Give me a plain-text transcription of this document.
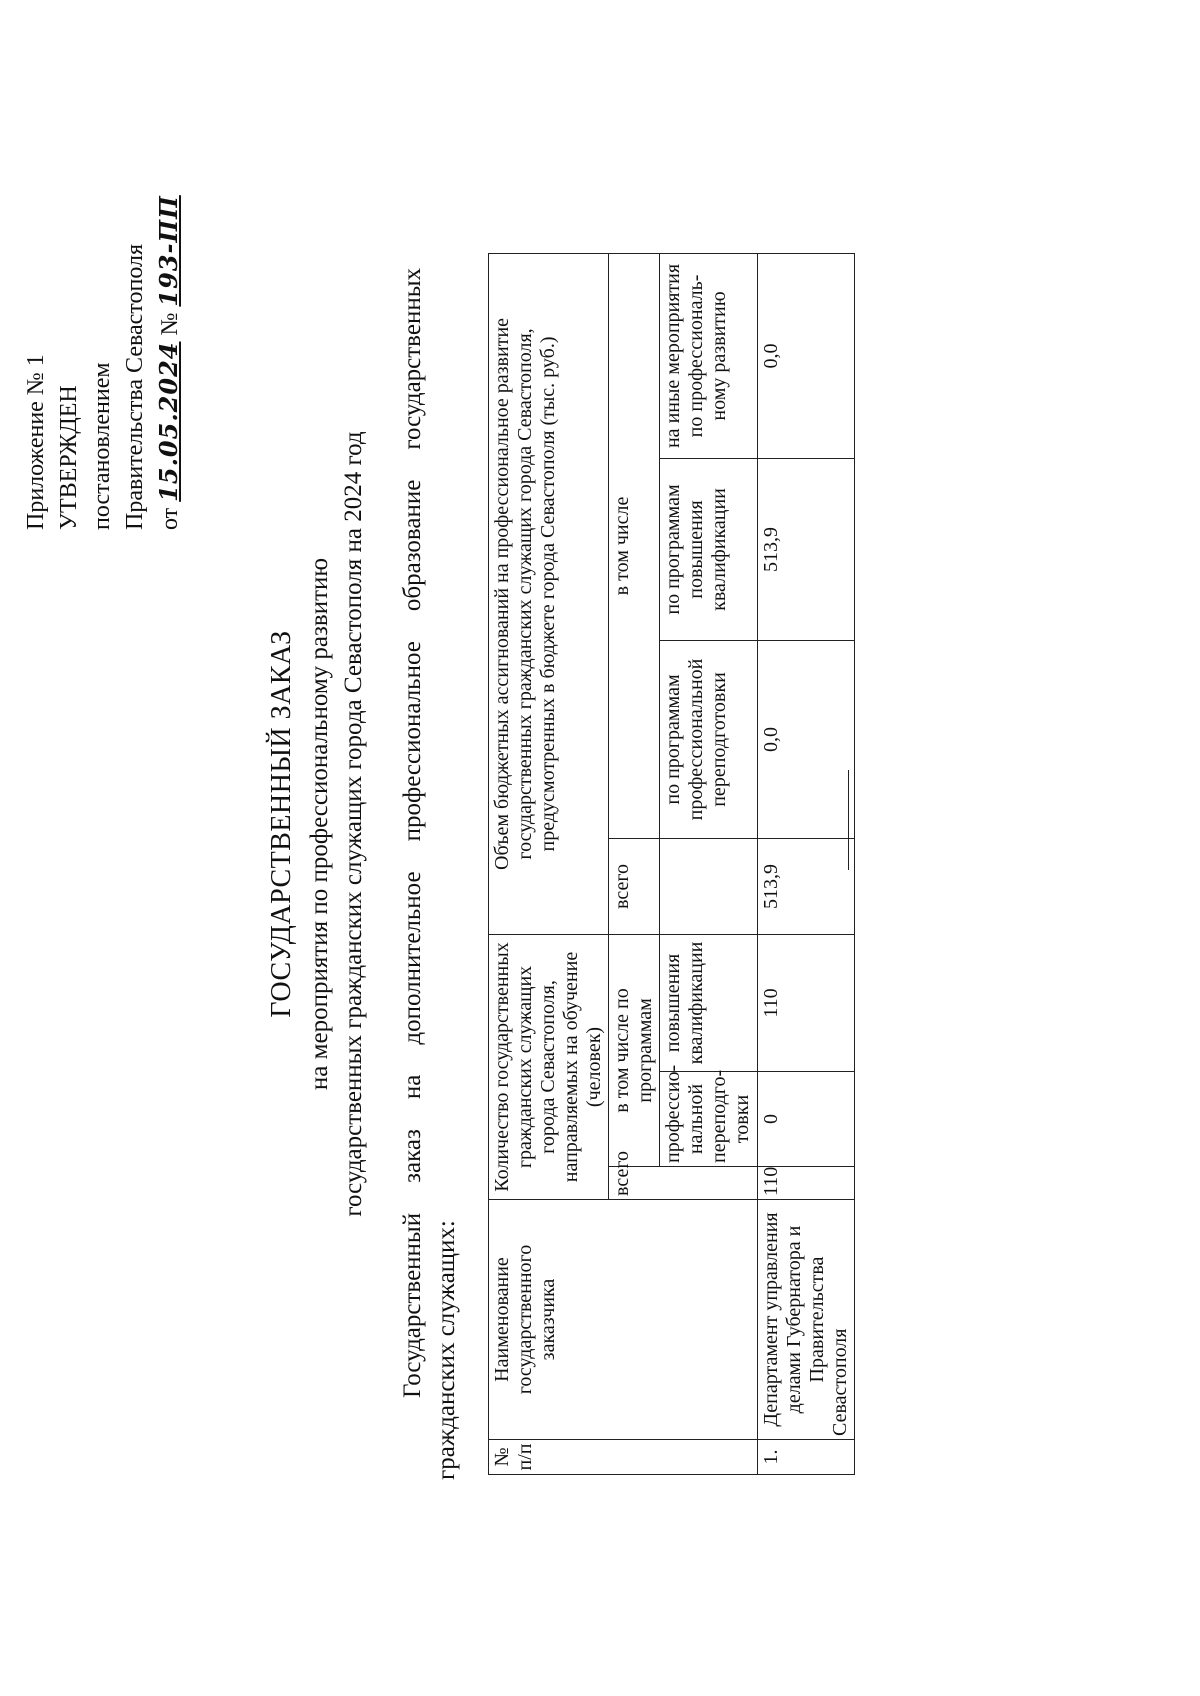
Приложение № 1 УТВЕРЖДЕН постановлением Правительства Севастополя от 15.05.2024 № 193-ПП
ГОСУДАРСТВЕННЫЙ ЗАКАЗ на мероприятия по профессиональному развитию государственных гражданских служащих города Севастополя на 2024 год Государственный заказ на дополнительное профессиональное образование государственных гражданских служащих: № п/п	Наименование государственного заказчика	Количество государственных гражданских служащих города Севастополя, направляемых на обучение (человек)			Объем бюджетных ассигнований на профессиональное развитие государственных гражданских служащих города Севастополя, предусмотренных в бюджете города Севастополя (тыс. руб.)			
		всего	в том числе по программам		всего	в том числе		
			профессио-нальной переподго-товки	повышения квалификации		по программам профессиональной переподготовки	по программам повышения квалификации	на иные мероприятия по профессиональ-ному развитию
1.	Департамент управления делами Губернатора и Правительства Севастополя	110	0	110	513,9	0,0	513,9	0,0
